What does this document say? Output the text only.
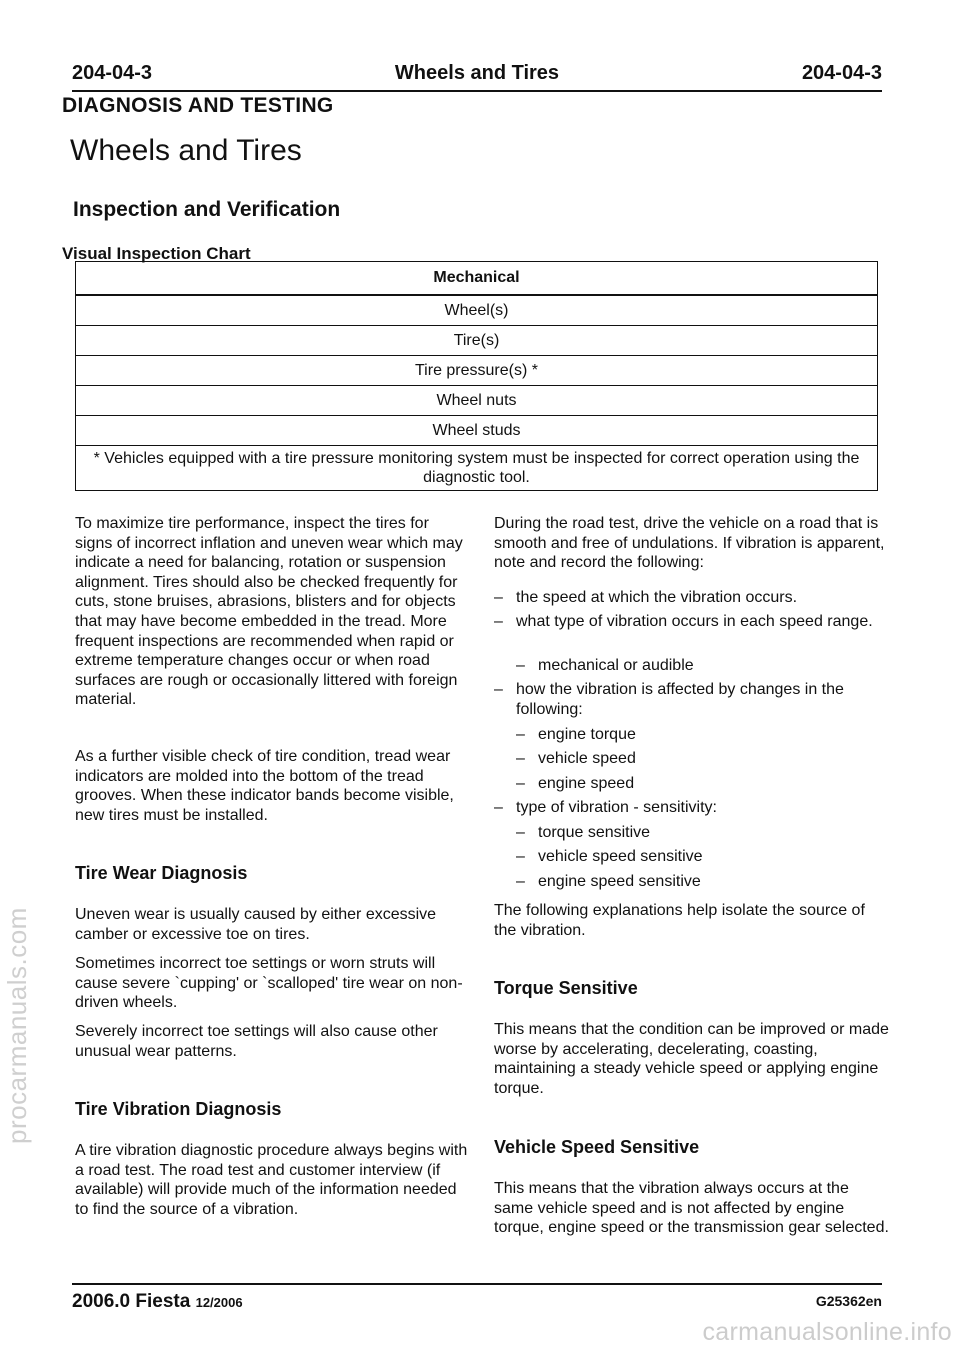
204-04-3	Wheels and Tires	204-04-3
DIAGNOSIS AND TESTING
Wheels and Tires
Inspection and Verification
Visual Inspection Chart
Mechanical
Wheel(s)
Tire(s)
Tire pressure(s) *
Wheel nuts
Wheel studs
* Vehicles equipped with a tire pressure monitoring system must be inspected for correct operation using the diagnostic tool.
To maximize tire performance, inspect the tires for signs of incorrect inflation and uneven wear which may indicate a need for balancing, rotation or suspension alignment. Tires should also be checked frequently for cuts, stone bruises, abrasions, blisters and for objects that may have become embedded in the tread. More frequent inspections are recommended when rapid or extreme temperature changes occur or when road surfaces are rough or occasionally littered with foreign material.
As a further visible check of tire condition, tread wear indicators are molded into the bottom of the tread grooves. When these indicator bands become visible, new tires must be installed.
Tire Wear Diagnosis
Uneven wear is usually caused by either excessive camber or excessive toe on tires.
Sometimes incorrect toe settings or worn struts will cause severe `cupping' or `scalloped' tire wear on non-driven wheels.
Severely incorrect toe settings will also cause other unusual wear patterns.
Tire Vibration Diagnosis
A tire vibration diagnostic procedure always begins with a road test. The road test and customer interview (if available) will provide much of the information needed to find the source of a vibration.
During the road test, drive the vehicle on a road that is smooth and free of undulations. If vibration is apparent, note and record the following:
– the speed at which the vibration occurs.
– what type of vibration occurs in each speed range.
– mechanical or audible
– how the vibration is affected by changes in the following:
– engine torque
– vehicle speed
– engine speed
– type of vibration - sensitivity:
– torque sensitive
– vehicle speed sensitive
– engine speed sensitive
The following explanations help isolate the source of the vibration.
Torque Sensitive
This means that the condition can be improved or made worse by accelerating, decelerating, coasting, maintaining a steady vehicle speed or applying engine torque.
Vehicle Speed Sensitive
This means that the vibration always occurs at the same vehicle speed and is not affected by engine torque, engine speed or the transmission gear selected.
procarmanuals.com
2006.0 Fiesta 12/2006	G25362en
carmanualsonline.info
